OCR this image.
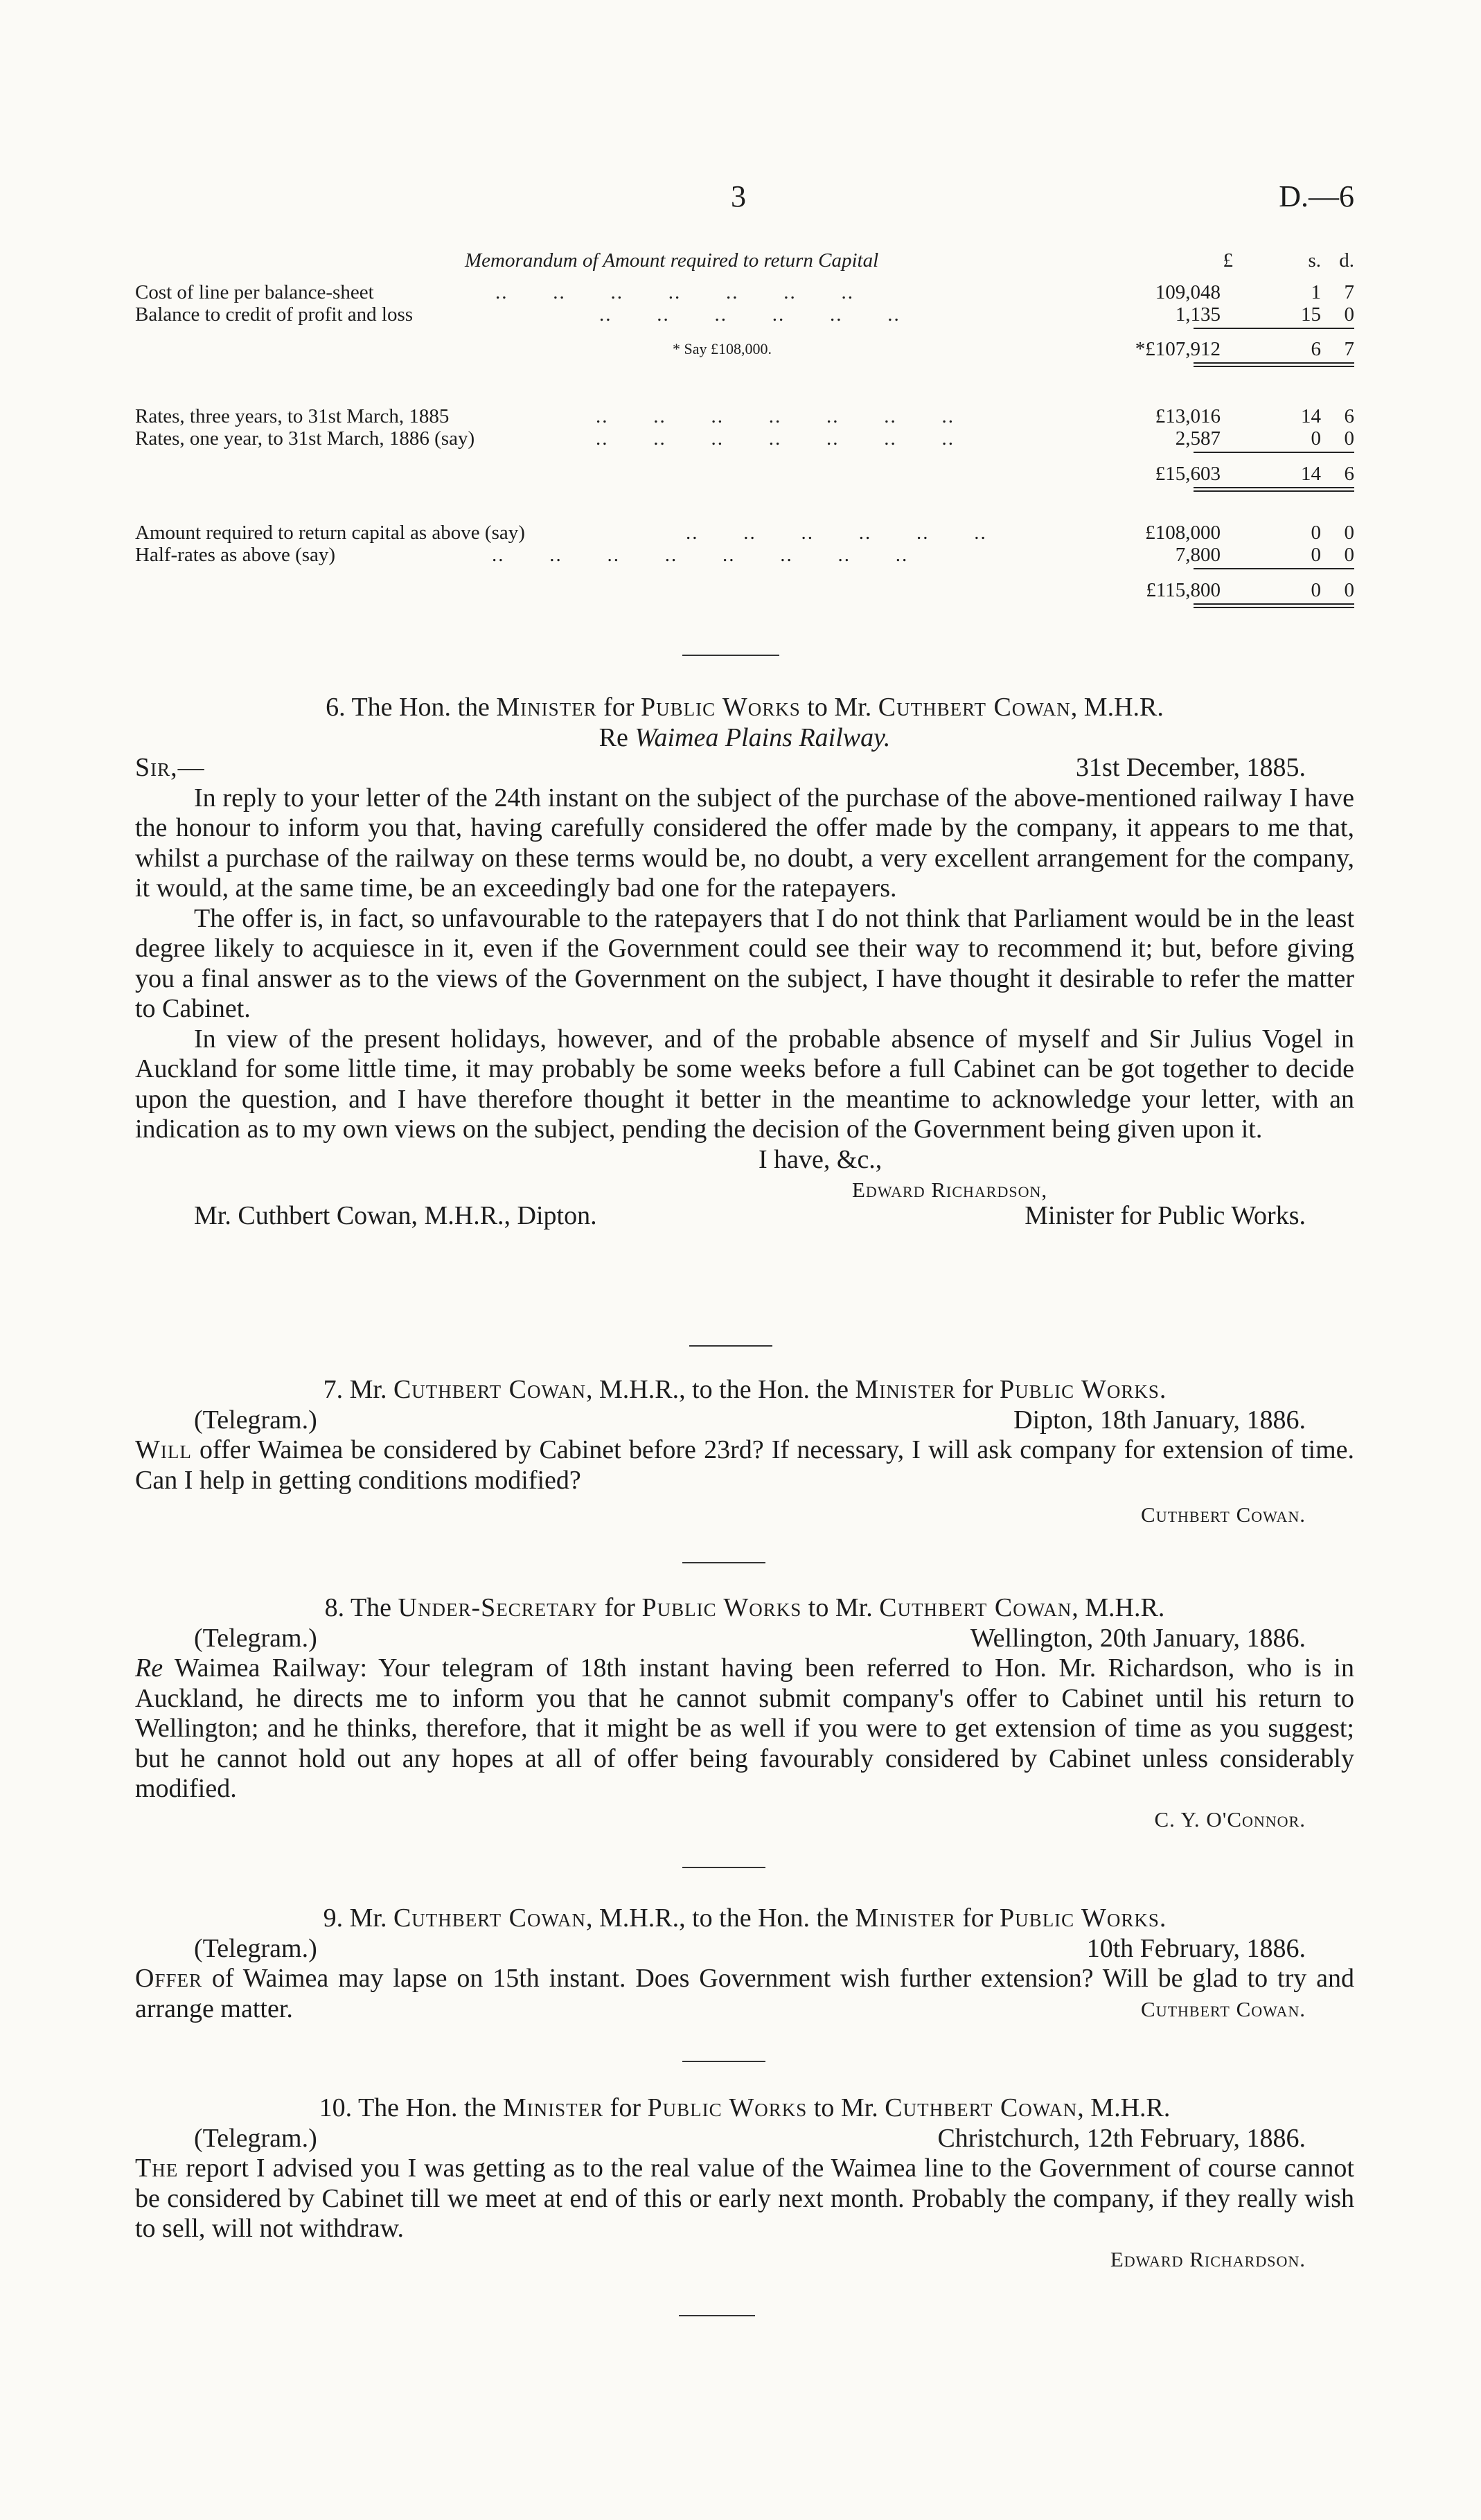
3	D.—6
Memorandum of Amount required to return Capital	£	s. d.
..       ..       ..       ..       ..       ..       ..
Cost of line per balance-sheet	109,048	1	7
..       ..       ..       ..       ..       ..
Balance to credit of profit and loss	1,135	15	0
* Say £108,000.	*£107,912	6	7
..       ..       ..       ..       ..       ..       ..
Rates, three years, to 31st March, 1885	£13,016	14	6
..       ..       ..       ..       ..       ..       ..
Rates, one year, to 31st March, 1886 (say)	2,587	0	0
£15,603	14	6
..       ..       ..       ..       ..       ..
Amount required to return capital as above (say)	£108,000	0	0
..       ..       ..       ..       ..       ..       ..       ..
Half-rates as above (say)	7,800	0	0
£115,800	0	0
6. The Hon. the Minister for Public Works to Mr. Cuthbert Cowan, M.H.R.
Re Waimea Plains Railway.
Sir,—	31st December, 1885.

In reply to your letter of the 24th instant on the subject of the purchase of the above-mentioned railway I have the honour to inform you that, having carefully considered the offer made by the company, it appears to me that, whilst a purchase of the railway on these terms would be, no doubt, a very excellent arrangement for the company, it would, at the same time, be an exceedingly bad one for the ratepayers.

The offer is, in fact, so unfavourable to the ratepayers that I do not think that Parliament would be in the least degree likely to acquiesce in it, even if the Government could see their way to recommend it; but, before giving you a final answer as to the views of the Government on the subject, I have thought it desirable to refer the matter to Cabinet.

In view of the present holidays, however, and of the probable absence of myself and Sir Julius Vogel in Auckland for some little time, it may probably be some weeks before a full Cabinet can be got together to decide upon the question, and I have therefore thought it better in the meantime to acknowledge your letter, with an indication as to my own views on the subject, pending the decision of the Government being given upon it.

I have, &c.,
Edward Richardson,
Mr. Cuthbert Cowan, M.H.R., Dipton.	Minister for Public Works.
7. Mr. Cuthbert Cowan, M.H.R., to the Hon. the Minister for Public Works.
(Telegram.)	Dipton, 18th January, 1886.

Will offer Waimea be considered by Cabinet before 23rd? If necessary, I will ask company for extension of time. Can I help in getting conditions modified?

Cuthbert Cowan.
8. The Under-Secretary for Public Works to Mr. Cuthbert Cowan, M.H.R.
(Telegram.)	Wellington, 20th January, 1886.

Re Waimea Railway: Your telegram of 18th instant having been referred to Hon. Mr. Richardson, who is in Auckland, he directs me to inform you that he cannot submit company's offer to Cabinet until his return to Wellington; and he thinks, therefore, that it might be as well if you were to get extension of time as you suggest; but he cannot hold out any hopes at all of offer being favourably considered by Cabinet unless considerably modified.

C. Y. O'Connor.
9. Mr. Cuthbert Cowan, M.H.R., to the Hon. the Minister for Public Works.
(Telegram.)	10th February, 1886.

Offer of Waimea may lapse on 15th instant. Does Government wish further extension? Will be glad to try and arrange matter.	Cuthbert Cowan.
10. The Hon. the Minister for Public Works to Mr. Cuthbert Cowan, M.H.R.
(Telegram.)	Christchurch, 12th February, 1886.

The report I advised you I was getting as to the real value of the Waimea line to the Government of course cannot be considered by Cabinet till we meet at end of this or early next month. Probably the company, if they really wish to sell, will not withdraw.

Edward Richardson.
